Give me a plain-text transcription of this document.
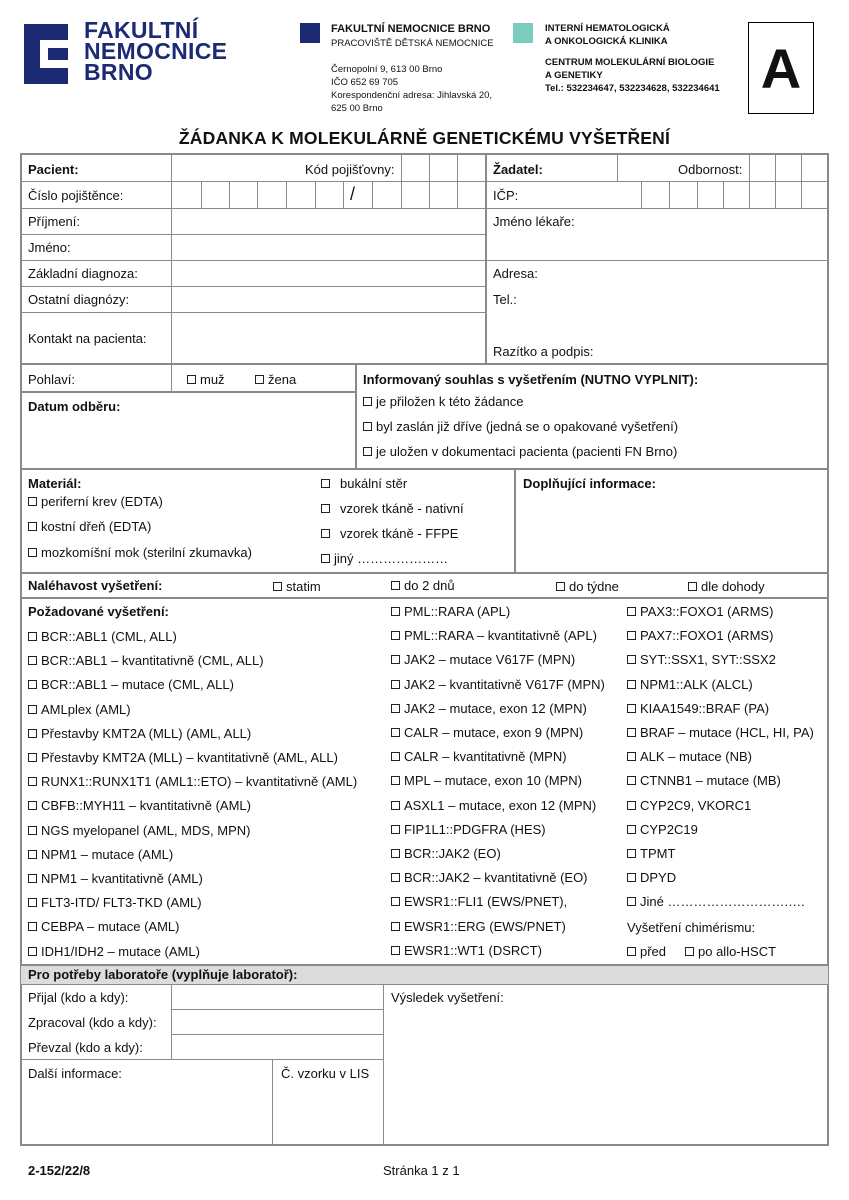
FAKULTNÍ
NEMOCNICE
BRNO
FAKULTNÍ NEMOCNICE BRNO
PRACOVIŠTĚ DĚTSKÁ NEMOCNICE
Černopolní 9, 613 00 Brno
IČO 652 69 705
Korespondenční adresa: Jihlavská 20,
625 00 Brno
INTERNÍ HEMATOLOGICKÁ
A ONKOLOGICKÁ KLINIKA
CENTRUM MOLEKULÁRNÍ BIOLOGIE
A GENETIKY
Tel.: 532234647, 532234628, 532234641 A
ŽÁDANKA K MOLEKULÁRNĚ GENETICKÉMU VYŠETŘENÍ
Pacient:	Kód pojišťovny:
Číslo pojištěnce:	/
Příjmení:
Jméno:
Základní diagnoza:
Ostatní diagnózy:
Kontakt na pacienta:
Žadatel:	Odbornost:
IČP:
Jméno lékaře:
Adresa:
Tel.:
Razítko a podpis:
Pohlaví:	muž	žena
Datum odběru:
Informovaný souhlas s vyšetřením (NUTNO VYPLNIT):
je přiložen k této žádance
byl zaslán již dříve (jedná se o opakované vyšetření)
je uložen v dokumentaci pacienta (pacienti FN Brno)
Materiál:
periferní krev (EDTA)
kostní dřeň (EDTA)
mozkomíšní mok (sterilní zkumavka)
bukální stěr
vzorek tkáně - nativní
vzorek tkáně - FFPE
jiný …………………
Doplňující informace:
Naléhavost vyšetření:	statim	do 2 dnů	do týdne	dle dohody
Požadované vyšetření:
BCR::ABL1 (CML, ALL)
BCR::ABL1 – kvantitativně (CML, ALL)
BCR::ABL1 – mutace (CML, ALL)
AMLplex (AML)
Přestavby KMT2A (MLL) (AML, ALL)
Přestavby KMT2A (MLL) – kvantitativně (AML, ALL)
RUNX1::RUNX1T1 (AML1::ETO) – kvantitativně (AML)
CBFB::MYH11 – kvantitativně (AML)
NGS myelopanel (AML, MDS, MPN)
NPM1 – mutace (AML)
NPM1 – kvantitativně (AML)
FLT3-ITD/ FLT3-TKD (AML)
CEBPA – mutace (AML)
IDH1/IDH2 – mutace (AML)
PML::RARA (APL)
PML::RARA – kvantitativně (APL)
JAK2 – mutace V617F (MPN)
JAK2 – kvantitativně V617F (MPN)
JAK2 – mutace, exon 12 (MPN)
CALR – mutace, exon 9 (MPN)
CALR – kvantitativně (MPN)
MPL – mutace, exon 10 (MPN)
ASXL1 – mutace, exon 12 (MPN)
FIP1L1::PDGFRA (HES)
BCR::JAK2 (EO)
BCR::JAK2 – kvantitativně (EO)
EWSR1::FLI1 (EWS/PNET),
EWSR1::ERG (EWS/PNET)
EWSR1::WT1 (DSRCT)
PAX3::FOXO1 (ARMS)
PAX7::FOXO1 (ARMS)
SYT::SSX1, SYT::SSX2
NPM1::ALK (ALCL)
KIAA1549::BRAF (PA)
BRAF – mutace (HCL, HI, PA)
ALK – mutace (NB)
CTNNB1 – mutace (MB)
CYP2C9, VKORC1
CYP2C19
TPMT
DPYD
Jiné ……………………….….
Vyšetření chimérismu:
před	po allo-HSCT
Pro potřeby laboratoře (vyplňuje laboratoř):
Přijal (kdo a kdy):
Zpracoval (kdo a kdy):
Převzal (kdo a kdy):
Výsledek vyšetření:
Další informace:	Č. vzorku v LIS
2-152/22/8	Stránka 1 z 1
